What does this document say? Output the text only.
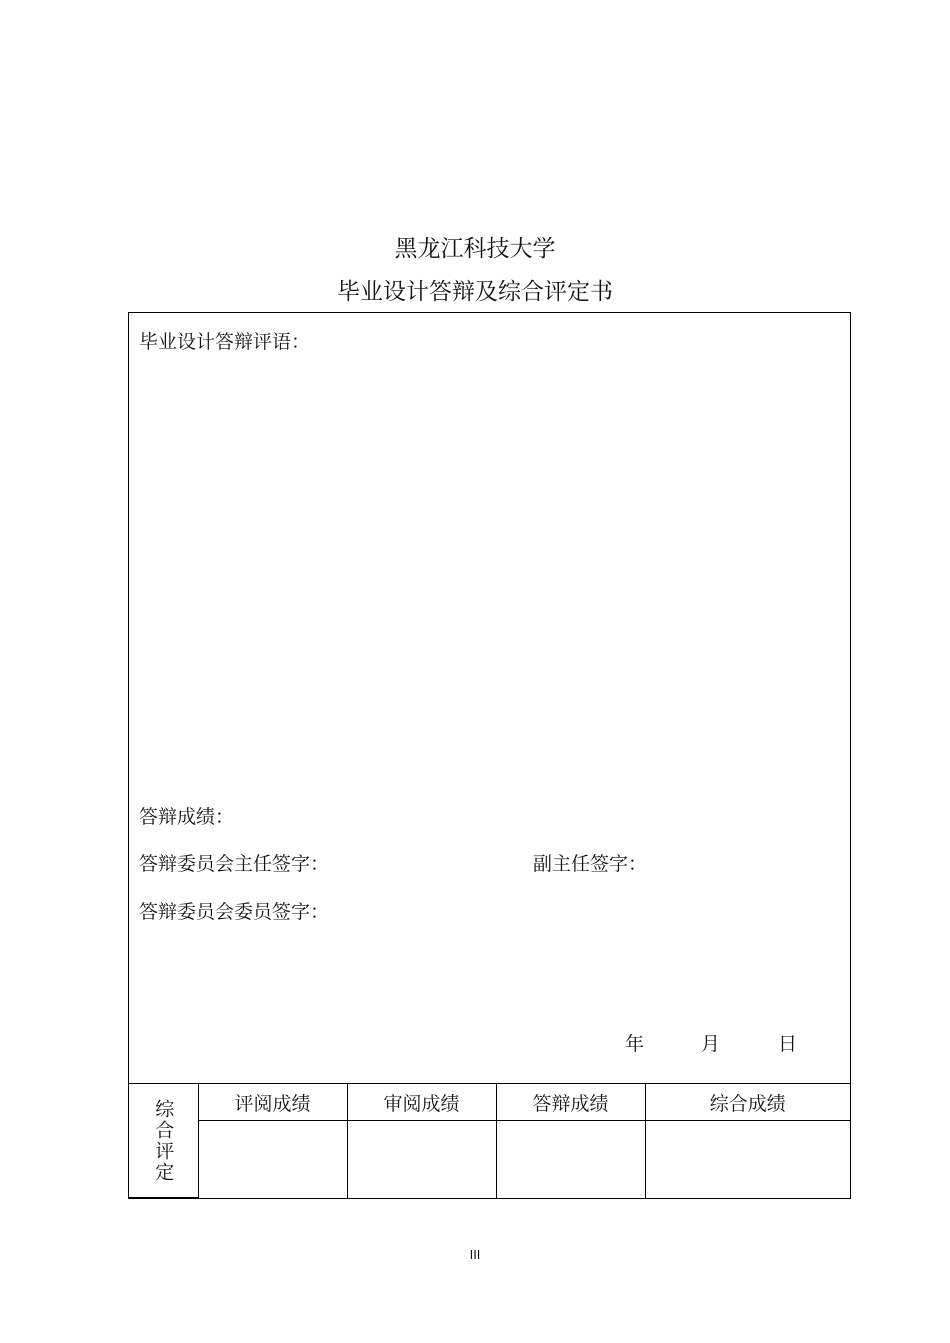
黑龙江科技大学
毕业设计答辩及综合评定书
毕业设计答辩评语：
答辩成绩：
答辩委员会主任签字：	副主任签字：
答辩委员会委员签字：
年	月	日
综合评定	评阅成绩	审阅成绩	答辩成绩	综合成绩

III
